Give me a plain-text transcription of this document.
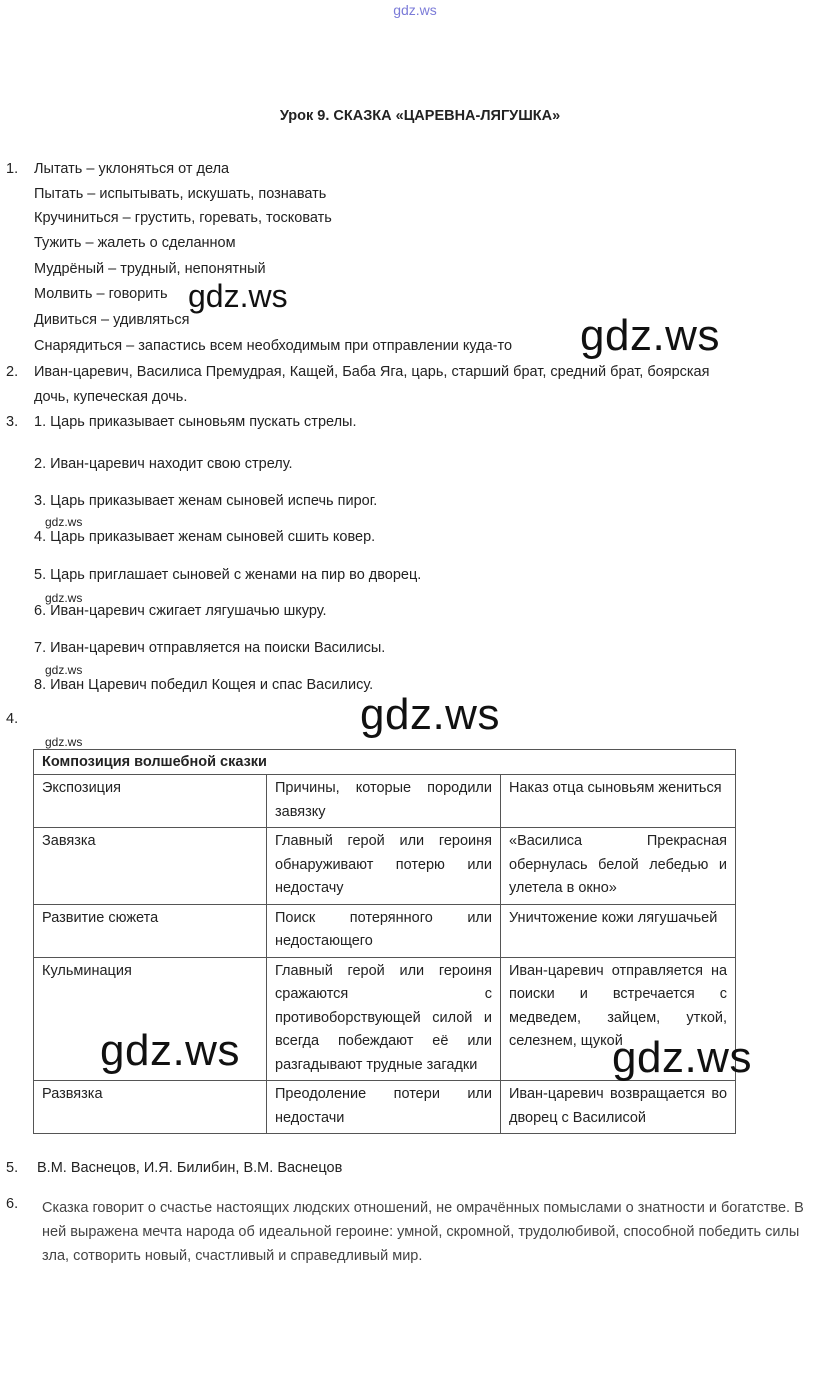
gdz.ws
Урок 9. СКАЗКА «ЦАРЕВНА-ЛЯГУШКА»
1. Лытать – уклоняться от дела
Пытать – испытывать, искушать, познавать
Кручиниться – грустить, горевать, тосковать
Тужить – жалеть о сделанном
Мудрёный – трудный, непонятный
Молвить – говорить
Дивиться – удивляться
Снарядиться – запастись всем необходимым при отправлении куда-то
2. Иван-царевич, Василиса Премудрая, Кащей, Баба Яга, царь, старший брат, средний брат, боярская
дочь, купеческая дочь.
3. 1. Царь приказывает сыновьям пускать стрелы.
2. Иван-царевич находит свою стрелу.
3. Царь приказывает женам сыновей испечь пирог.
gdz.ws
4. Царь приказывает женам сыновей сшить ковер.
5. Царь приглашает сыновей с женами на пир во дворец.
gdz.ws
6. Иван-царевич сжигает лягушачью шкуру.
7. Иван-царевич отправляется на поиски Василисы.
gdz.ws
8. Иван Царевич победил Кощея и спас Василису.
4.
gdz.ws
Композиция волшебной сказки		
Экспозиция	Причины, которые породили завязку	Наказ отца сыновьям жениться
Завязка	Главный герой или героиня обнаруживают потерю или недостачу	«Василиса Прекрасная обернулась белой лебедью и улетела в окно»
Развитие сюжета	Поиск потерянного или недостающего	Уничтожение кожи лягушачьей
Кульминация	Главный герой или героиня сражаются с противоборствующей силой и всегда побеждают её или разгадывают трудные загадки	Иван-царевич отправляется на поиски и встречается с медведем, зайцем, уткой, селезнем, щукой
Развязка	Преодоление потери или недостачи	Иван-царевич возвращается во дворец с Василисой
5. В.М. Васнецов, И.Я. Билибин, В.М. Васнецов
6. Сказка говорит о счастье настоящих людских отношений, не омрачённых помыслами о знатности и богатстве. В ней выражена мечта народа об идеальной героине: умной, скромной, трудолюбивой, способной победить силы зла, сотворить новый, счастливый и справедливый мир.
gdz.ws
gdz.ws
gdz.ws
gdz.ws	gdz.ws
